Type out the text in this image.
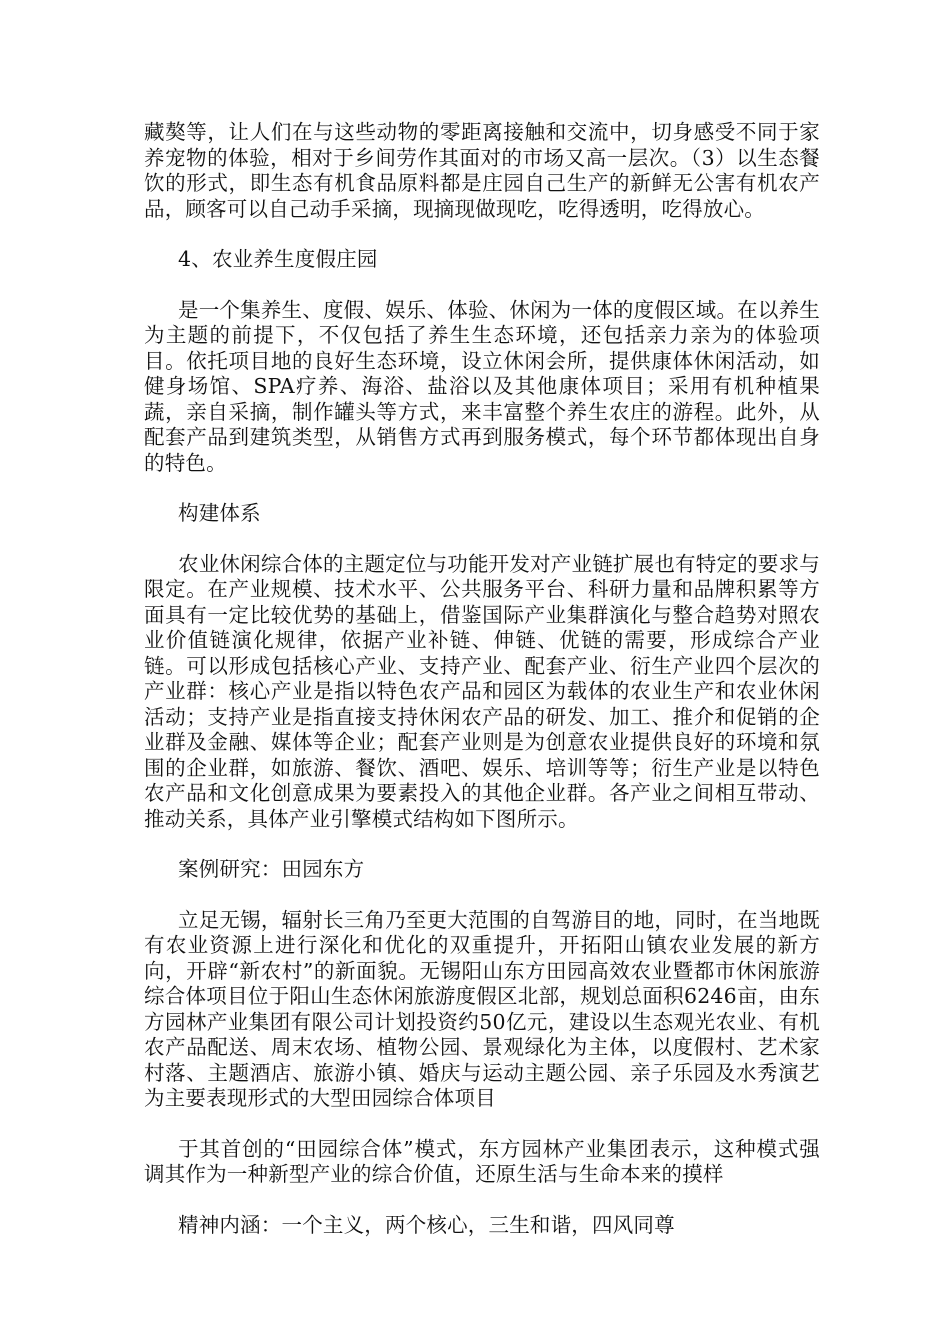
藏獒等，让人们在与这些动物的零距离接触和交流中，切身感受不同于家养宠物的体验，相对于乡间劳作其面对的市场又高一层次。（3）以生态餐饮的形式，即生态有机食品原料都是庄园自己生产的新鲜无公害有机农产品，顾客可以自己动手采摘，现摘现做现吃，吃得透明，吃得放心。

4、农业养生度假庄园

是一个集养生、度假、娱乐、体验、休闲为一体的度假区域。在以养生为主题的前提下，不仅包括了养生生态环境，还包括亲力亲为的体验项目。依托项目地的良好生态环境，设立休闲会所，提供康体休闲活动，如健身场馆、SPA疗养、海浴、盐浴以及其他康体项目；采用有机种植果蔬，亲自采摘，制作罐头等方式，来丰富整个养生农庄的游程。此外，从配套产品到建筑类型，从销售方式再到服务模式，每个环节都体现出自身的特色。

构建体系

农业休闲综合体的主题定位与功能开发对产业链扩展也有特定的要求与限定。在产业规模、技术水平、公共服务平台、科研力量和品牌积累等方面具有一定比较优势的基础上，借鉴国际产业集群演化与整合趋势对照农业价值链演化规律，依据产业补链、伸链、优链的需要，形成综合产业链。可以形成包括核心产业、支持产业、配套产业、衍生产业四个层次的产业群：核心产业是指以特色农产品和园区为载体的农业生产和农业休闲活动；支持产业是指直接支持休闲农产品的研发、加工、推介和促销的企业群及金融、媒体等企业；配套产业则是为创意农业提供良好的环境和氛围的企业群，如旅游、餐饮、酒吧、娱乐、培训等等；衍生产业是以特色农产品和文化创意成果为要素投入的其他企业群。各产业之间相互带动、推动关系，具体产业引擎模式结构如下图所示。

案例研究：田园东方

立足无锡，辐射长三角乃至更大范围的自驾游目的地，同时，在当地既有农业资源上进行深化和优化的双重提升，开拓阳山镇农业发展的新方向，开辟“新农村”的新面貌。无锡阳山东方田园高效农业暨都市休闲旅游综合体项目位于阳山生态休闲旅游度假区北部，规划总面积6246亩，由东方园林产业集团有限公司计划投资约50亿元，建设以生态观光农业、有机农产品配送、周末农场、植物公园、景观绿化为主体，以度假村、艺术家村落、主题酒店、旅游小镇、婚庆与运动主题公园、亲子乐园及水秀演艺为主要表现形式的大型田园综合体项目

于其首创的“田园综合体”模式，东方园林产业集团表示，这种模式强调其作为一种新型产业的综合价值，还原生活与生命本来的摸样

精神内涵：一个主义，两个核心，三生和谐，四风同尊
